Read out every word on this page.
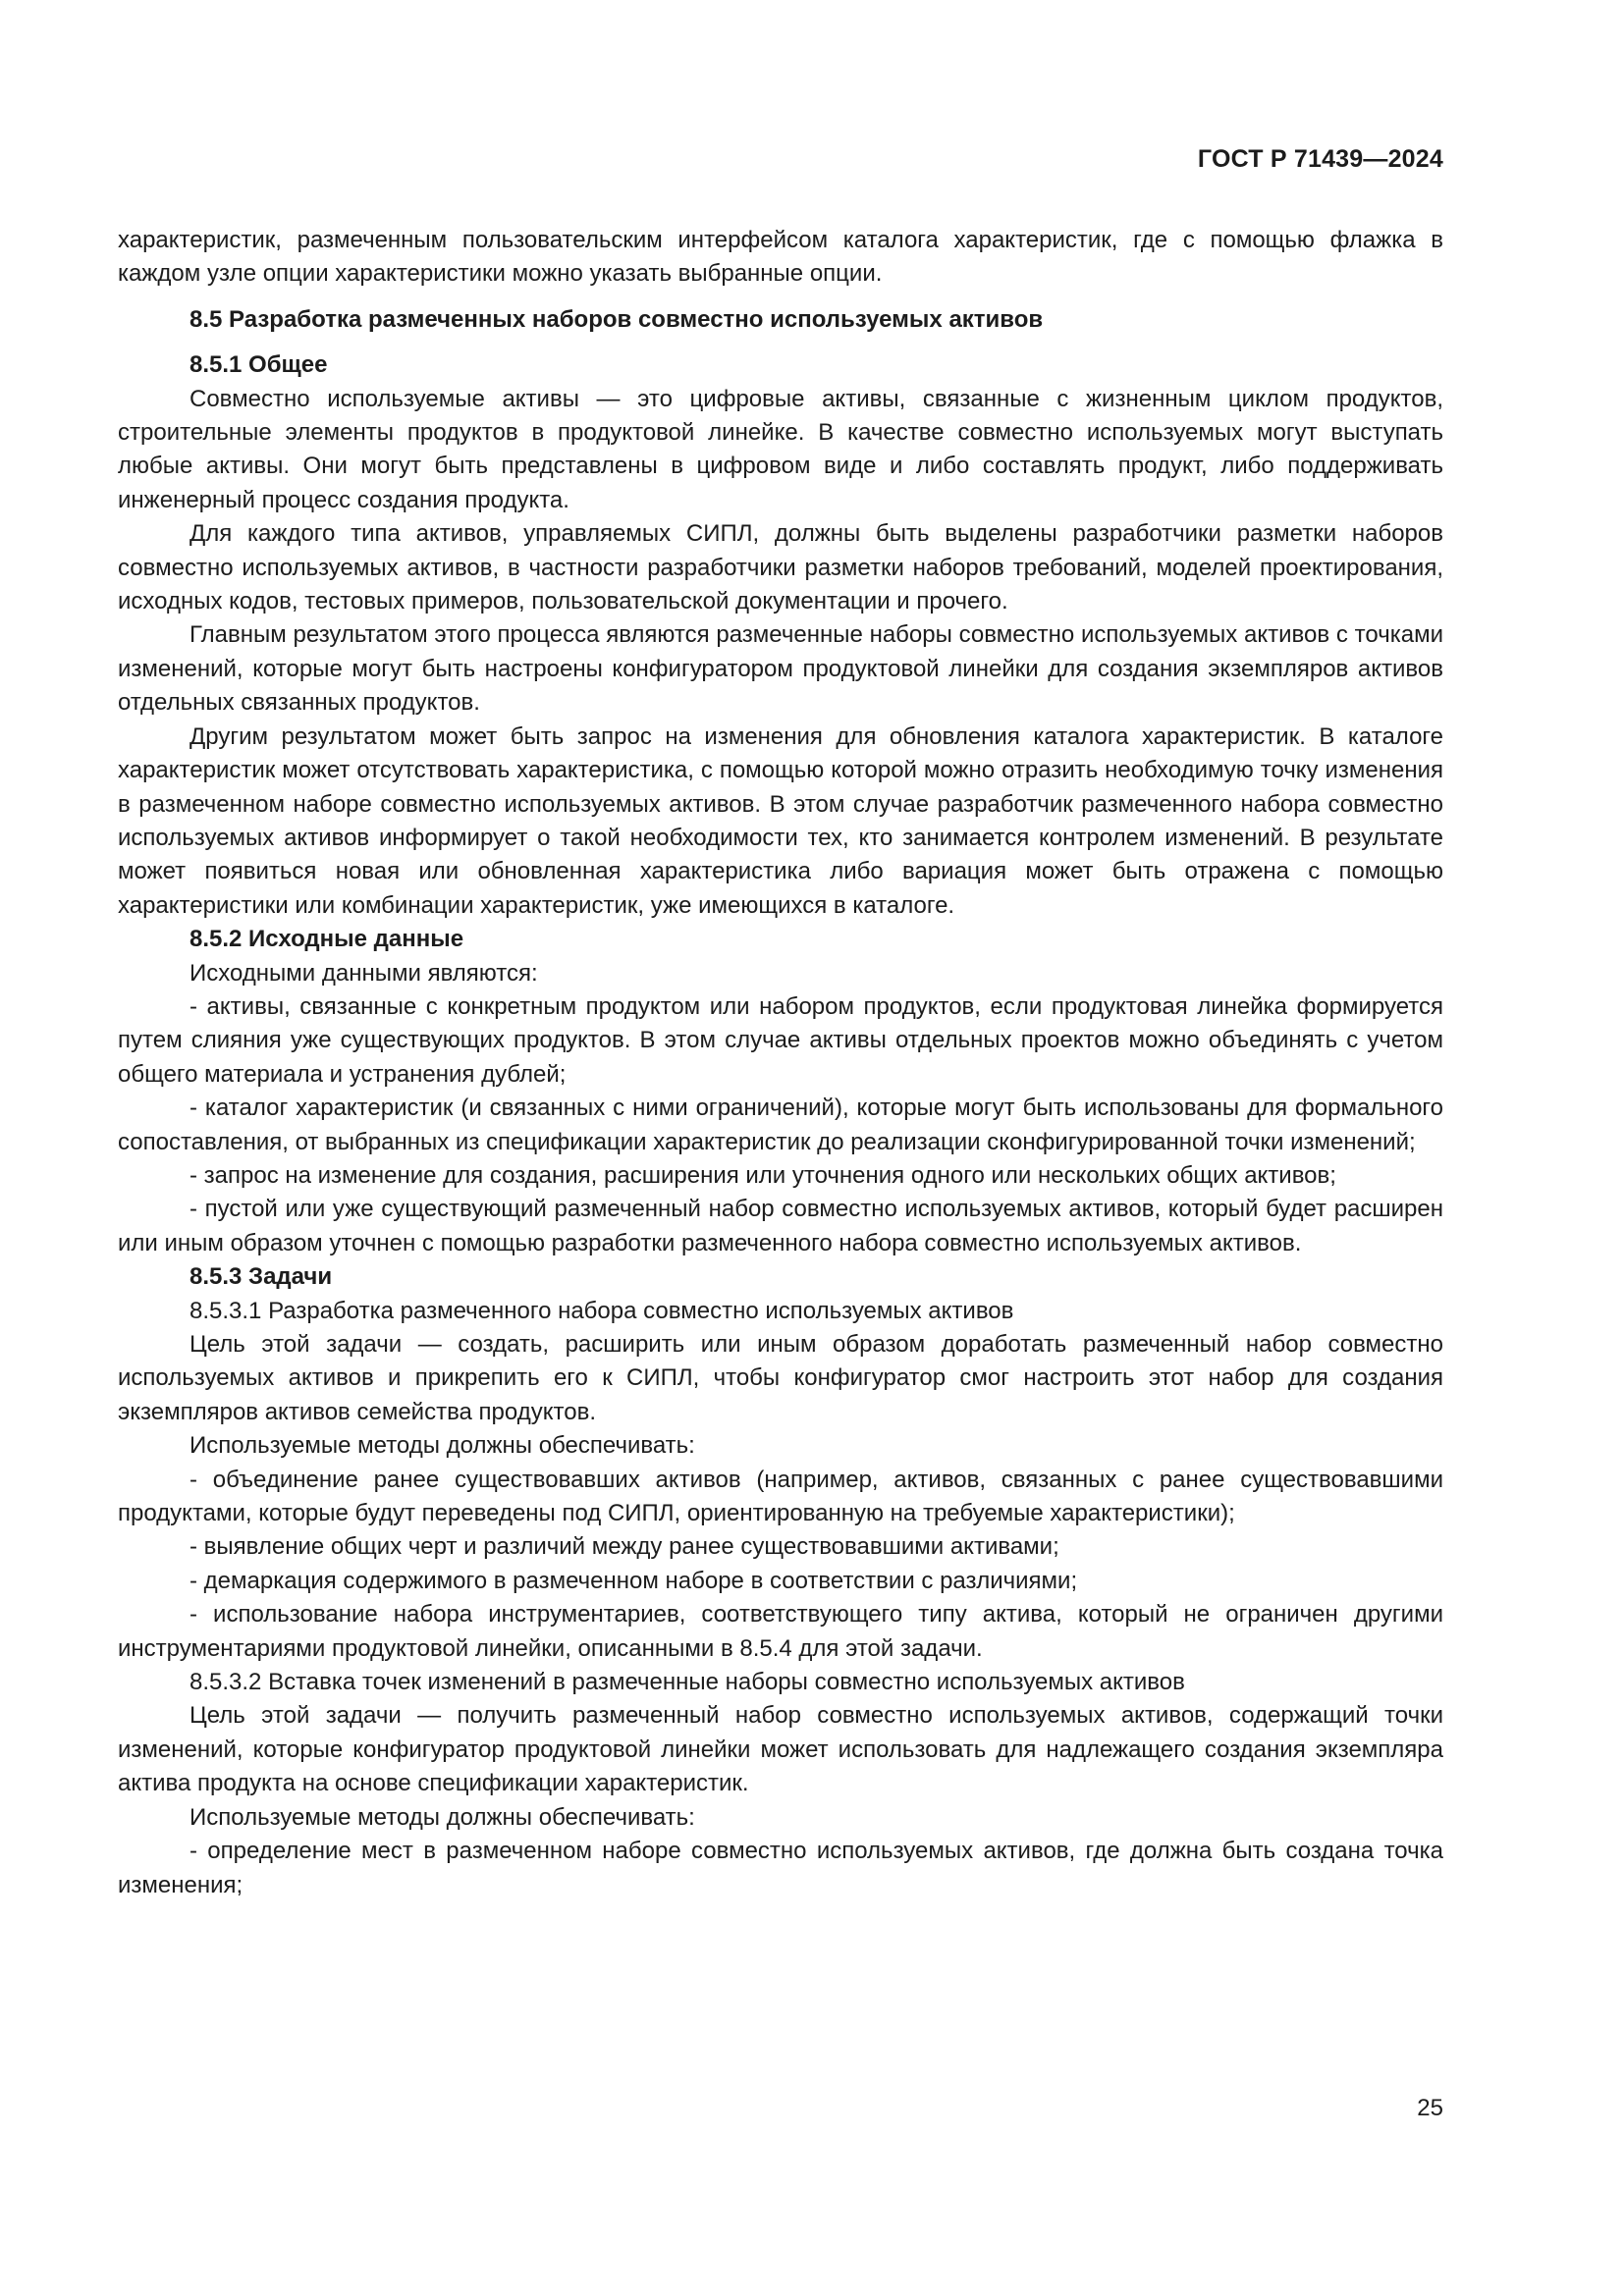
ГОСТ Р 71439—2024

характеристик, размеченным пользовательским интерфейсом каталога характеристик, где с помощью флажка в каждом узле опции характеристики можно указать выбранные опции.

8.5 Разработка размеченных наборов совместно используемых активов
8.5.1 Общее

Совместно используемые активы — это цифровые активы, связанные с жизненным циклом продуктов, строительные элементы продуктов в продуктовой линейке. В качестве совместно используемых могут выступать любые активы. Они могут быть представлены в цифровом виде и либо составлять продукт, либо поддерживать инженерный процесс создания продукта.

Для каждого типа активов, управляемых СИПЛ, должны быть выделены разработчики разметки наборов совместно используемых активов, в частности разработчики разметки наборов требований, моделей проектирования, исходных кодов, тестовых примеров, пользовательской документации и прочего.

Главным результатом этого процесса являются размеченные наборы совместно используемых активов с точками изменений, которые могут быть настроены конфигуратором продуктовой линейки для создания экземпляров активов отдельных связанных продуктов.

Другим результатом может быть запрос на изменения для обновления каталога характеристик. В каталоге характеристик может отсутствовать характеристика, с помощью которой можно отразить необходимую точку изменения в размеченном наборе совместно используемых активов. В этом случае разработчик размеченного набора совместно используемых активов информирует о такой необходимости тех, кто занимается контролем изменений. В результате может появиться новая или обновленная характеристика либо вариация может быть отражена с помощью характеристики или комбинации характеристик, уже имеющихся в каталоге.

8.5.2 Исходные данные

Исходными данными являются:

- активы, связанные с конкретным продуктом или набором продуктов, если продуктовая линейка формируется путем слияния уже существующих продуктов. В этом случае активы отдельных проектов можно объединять с учетом общего материала и устранения дублей;

- каталог характеристик (и связанных с ними ограничений), которые могут быть использованы для формального сопоставления, от выбранных из спецификации характеристик до реализации сконфигурированной точки изменений;

- запрос на изменение для создания, расширения или уточнения одного или нескольких общих активов;

- пустой или уже существующий размеченный набор совместно используемых активов, который будет расширен или иным образом уточнен с помощью разработки размеченного набора совместно используемых активов.

8.5.3 Задачи

8.5.3.1 Разработка размеченного набора совместно используемых активов

Цель этой задачи — создать, расширить или иным образом доработать размеченный набор совместно используемых активов и прикрепить его к СИПЛ, чтобы конфигуратор смог настроить этот набор для создания экземпляров активов семейства продуктов.

Используемые методы должны обеспечивать:

- объединение ранее существовавших активов (например, активов, связанных с ранее существовавшими продуктами, которые будут переведены под СИПЛ, ориентированную на требуемые характеристики);

- выявление общих черт и различий между ранее существовавшими активами;

- демаркация содержимого в размеченном наборе в соответствии с различиями;

- использование набора инструментариев, соответствующего типу актива, который не ограничен другими инструментариями продуктовой линейки, описанными в 8.5.4 для этой задачи.

8.5.3.2 Вставка точек изменений в размеченные наборы совместно используемых активов

Цель этой задачи — получить размеченный набор совместно используемых активов, содержащий точки изменений, которые конфигуратор продуктовой линейки может использовать для надлежащего создания экземпляра актива продукта на основе спецификации характеристик.

Используемые методы должны обеспечивать:

- определение мест в размеченном наборе совместно используемых активов, где должна быть создана точка изменения;

25
